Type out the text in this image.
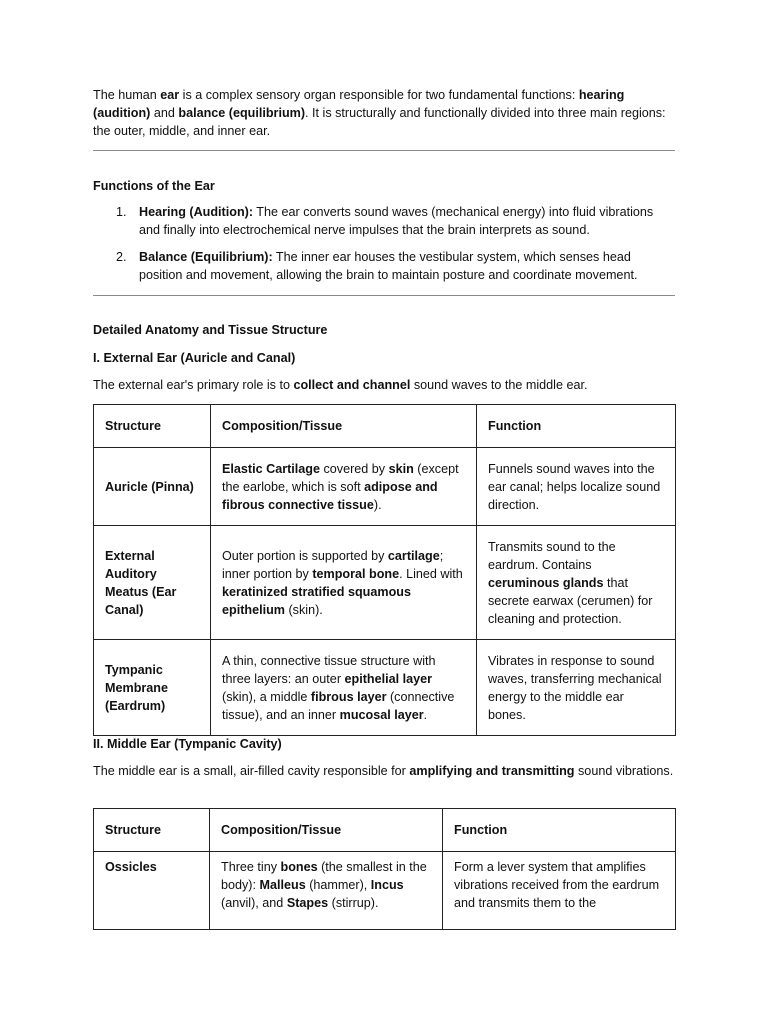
The human ear is a complex sensory organ responsible for two fundamental functions: hearing (audition) and balance (equilibrium). It is structurally and functionally divided into three main regions: the outer, middle, and inner ear.

Functions of the Ear

1. Hearing (Audition): The ear converts sound waves (mechanical energy) into fluid vibrations and finally into electrochemical nerve impulses that the brain interprets as sound.
2. Balance (Equilibrium): The inner ear houses the vestibular system, which senses head position and movement, allowing the brain to maintain posture and coordinate movement.

Detailed Anatomy and Tissue Structure

I. External Ear (Auricle and Canal)

The external ear's primary role is to collect and channel sound waves to the middle ear.

Structure	Composition/Tissue	Function
Auricle (Pinna)	Elastic Cartilage covered by skin (except the earlobe, which is soft adipose and fibrous connective tissue).	Funnels sound waves into the ear canal; helps localize sound direction.
External Auditory Meatus (Ear Canal)	Outer portion is supported by cartilage; inner portion by temporal bone. Lined with keratinized stratified squamous epithelium (skin).	Transmits sound to the eardrum. Contains ceruminous glands that secrete earwax (cerumen) for cleaning and protection.
Tympanic Membrane (Eardrum)	A thin, connective tissue structure with three layers: an outer epithelial layer (skin), a middle fibrous layer (connective tissue), and an inner mucosal layer.	Vibrates in response to sound waves, transferring mechanical energy to the middle ear bones.

II. Middle Ear (Tympanic Cavity)

The middle ear is a small, air-filled cavity responsible for amplifying and transmitting sound vibrations.

Structure	Composition/Tissue	Function
Ossicles	Three tiny bones (the smallest in the body): Malleus (hammer), Incus (anvil), and Stapes (stirrup).	Form a lever system that amplifies vibrations received from the eardrum and transmits them to the
